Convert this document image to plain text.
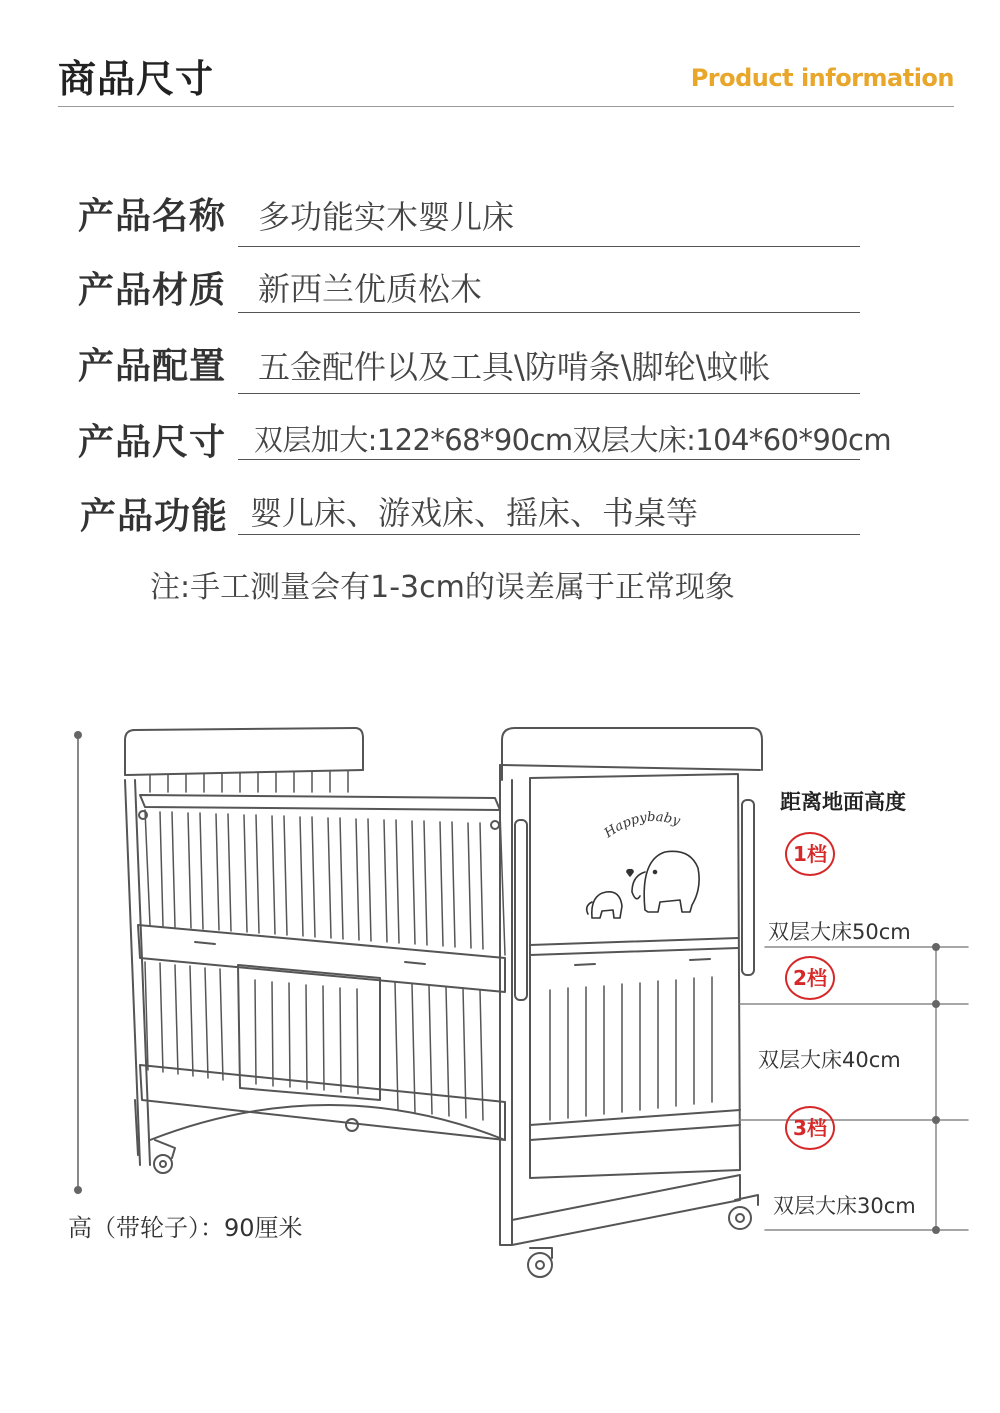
商品尺寸	Product information
产品名称 多功能实木婴儿床
产品材质 新西兰优质松木
产品配置 五金配件以及工具\防啃条\脚轮\蚊帐
产品尺寸 双层加大:122*68*90cm双层大床:104*60*90cm
产品功能 婴儿床、游戏床、摇床、书桌等
注:手工测量会有1-3cm的误差属于正常现象
Happybaby
高（带轮子）：90厘米
距离地面高度
1档
双层大床50cm
2档
双层大床40cm
3档
双层大床30cm
